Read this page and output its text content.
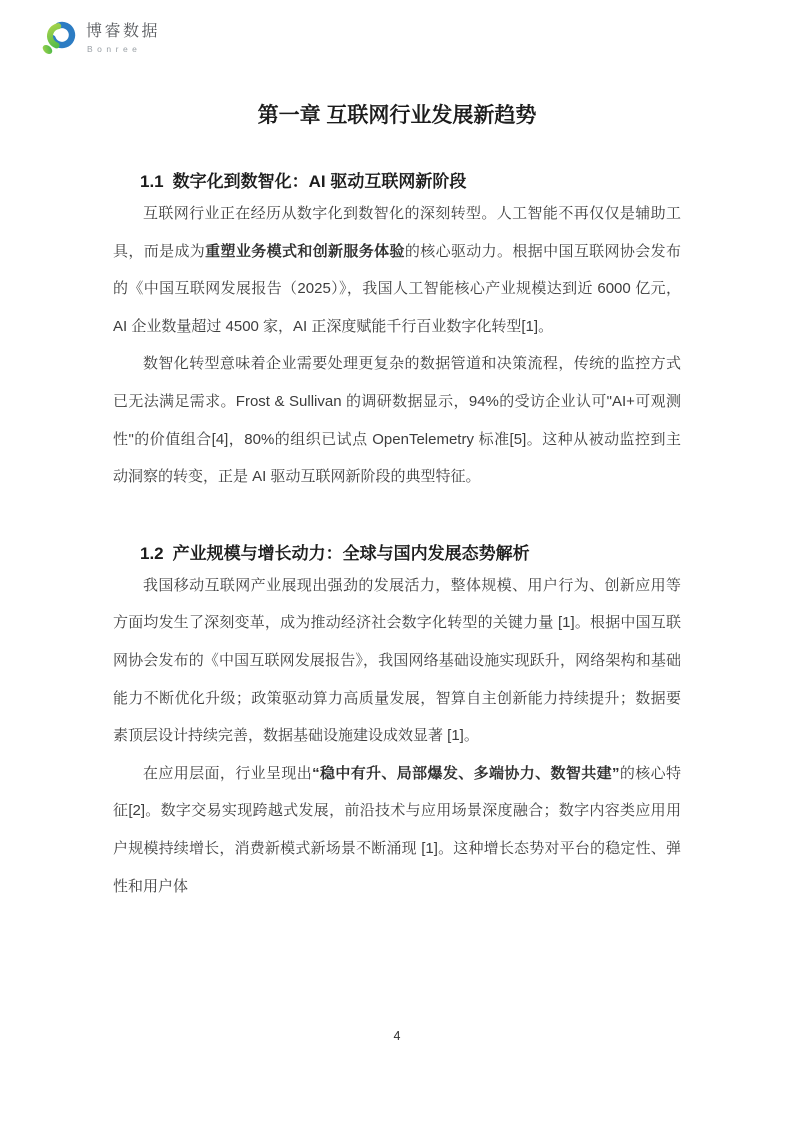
博睿数据
Bonree
第一章 互联网行业发展新趋势
1.1 数字化到数智化：AI 驱动互联网新阶段

互联网行业正在经历从数字化到数智化的深刻转型。人工智能不再仅仅是辅助工具，而是成为重塑业务模式和创新服务体验的核心驱动力。根据中国互联网协会发布的《中国互联网发展报告（2025）》，我国人工智能核心产业规模达到近 6000 亿元，AI 企业数量超过 4500 家，AI 正深度赋能千行百业数字化转型[1]。

数智化转型意味着企业需要处理更复杂的数据管道和决策流程，传统的监控方式已无法满足需求。Frost & Sullivan 的调研数据显示，94%的受访企业认可"AI+可观测性"的价值组合[4]，80%的组织已试点 OpenTelemetry 标准[5]。这种从被动监控到主动洞察的转变，正是 AI 驱动互联网新阶段的典型特征。

1.2 产业规模与增长动力：全球与国内发展态势解析

我国移动互联网产业展现出强劲的发展活力，整体规模、用户行为、创新应用等方面均发生了深刻变革，成为推动经济社会数字化转型的关键力量 [1]。根据中国互联网协会发布的《中国互联网发展报告》，我国网络基础设施实现跃升，网络架构和基础能力不断优化升级；政策驱动算力高质量发展，智算自主创新能力持续提升；数据要素顶层设计持续完善，数据基础设施建设成效显著 [1]。

在应用层面，行业呈现出“稳中有升、局部爆发、多端协力、数智共建”的核心特征[2]。数字交易实现跨越式发展，前沿技术与应用场景深度融合；数字内容类应用用户规模持续增长，消费新模式新场景不断涌现 [1]。这种增长态势对平台的稳定性、弹性和用户体

4
